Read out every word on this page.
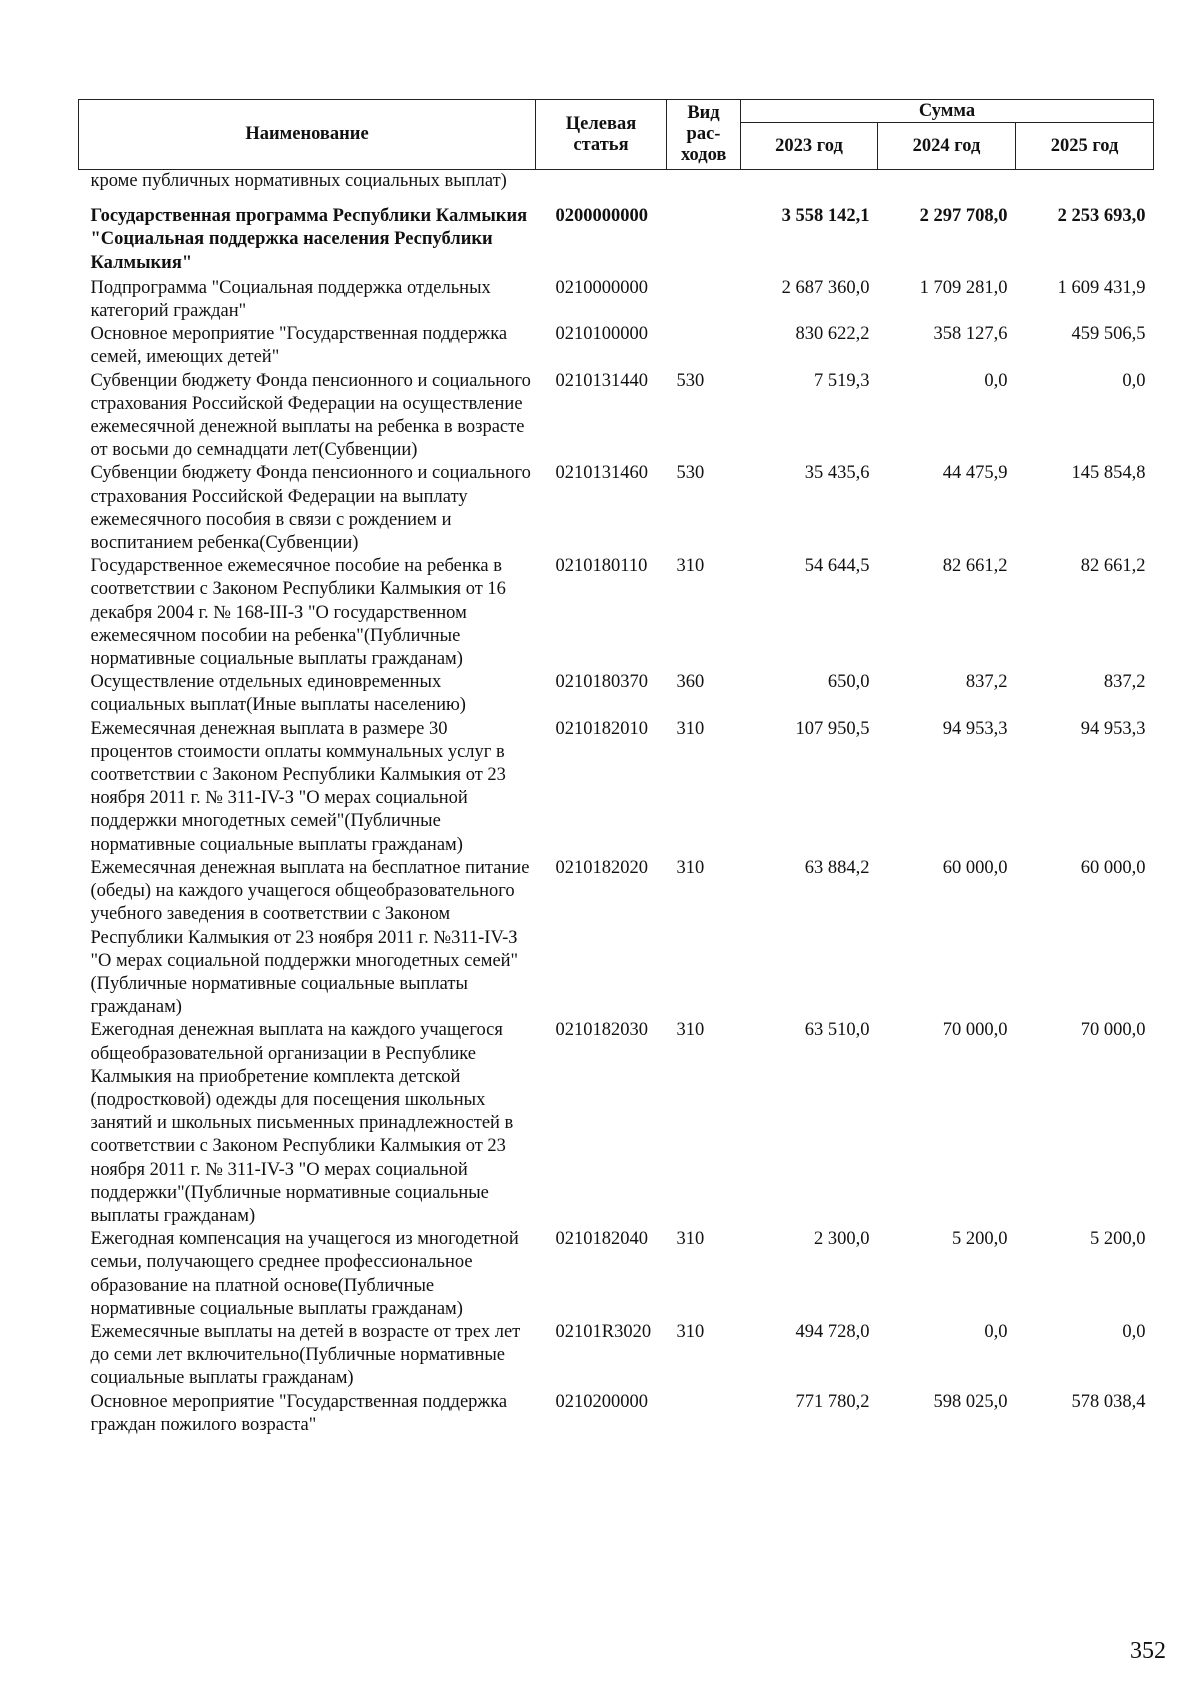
Наименование	Целевая статья	Вид рас-ходов	Сумма		
			2023 год	2024 год	2025 год
кроме публичных нормативных социальных выплат)					
Государственная программа Республики Калмыкия "Социальная поддержка населения Республики Калмыкия"	0200000000		3 558 142,1	2 297 708,0	2 253 693,0
Подпрограмма "Социальная поддержка отдельных категорий граждан"	0210000000		2 687 360,0	1 709 281,0	1 609 431,9
Основное мероприятие "Государственная поддержка семей, имеющих детей"	0210100000		830 622,2	358 127,6	459 506,5
Субвенции бюджету Фонда пенсионного и социального страхования Российской Федерации на осуществление ежемесячной денежной выплаты на ребенка в возрасте от восьми до семнадцати лет(Субвенции)	0210131440	530	7 519,3	0,0	0,0
Субвенции бюджету Фонда пенсионного и социального страхования Российской Федерации на выплату ежемесячного пособия в связи с рождением и воспитанием ребенка(Субвенции)	0210131460	530	35 435,6	44 475,9	145 854,8
Государственное ежемесячное пособие на ребенка в соответствии с Законом Республики Калмыкия от 16 декабря 2004 г. № 168-III-З "О государственном ежемесячном пособии на ребенка"(Публичные нормативные социальные выплаты гражданам)	0210180110	310	54 644,5	82 661,2	82 661,2
Осуществление отдельных единовременных социальных выплат(Иные выплаты населению)	0210180370	360	650,0	837,2	837,2
Ежемесячная денежная выплата в размере 30 процентов стоимости оплаты коммунальных услуг в соответствии с Законом Республики Калмыкия от 23 ноября 2011 г. № 311-IV-З "О мерах социальной поддержки многодетных семей"(Публичные нормативные социальные выплаты гражданам)	0210182010	310	107 950,5	94 953,3	94 953,3
Ежемесячная денежная выплата на бесплатное питание (обеды) на каждого учащегося общеобразовательного учебного заведения в соответствии с Законом Республики Калмыкия от 23 ноября 2011 г. №311-IV-З "О мерах социальной поддержки многодетных семей"(Публичные нормативные социальные выплаты гражданам)	0210182020	310	63 884,2	60 000,0	60 000,0
Ежегодная денежная выплата на каждого учащегося общеобразовательной организации в Республике Калмыкия на приобретение комплекта детской (подростковой) одежды для посещения школьных занятий и школьных письменных принадлежностей в соответствии с Законом Республики Калмыкия от 23 ноября 2011 г. № 311-IV-З "О мерах социальной поддержки"(Публичные нормативные социальные выплаты гражданам)	0210182030	310	63 510,0	70 000,0	70 000,0
Ежегодная компенсация на учащегося из многодетной семьи, получающего среднее профессиональное образование на платной основе(Публичные нормативные социальные выплаты гражданам)	0210182040	310	2 300,0	5 200,0	5 200,0
Ежемесячные выплаты на детей в возрасте от трех лет до семи лет включительно(Публичные нормативные социальные выплаты гражданам)	02101R3020	310	494 728,0	0,0	0,0
Основное мероприятие "Государственная поддержка граждан пожилого возраста"	0210200000		771 780,2	598 025,0	578 038,4
352
